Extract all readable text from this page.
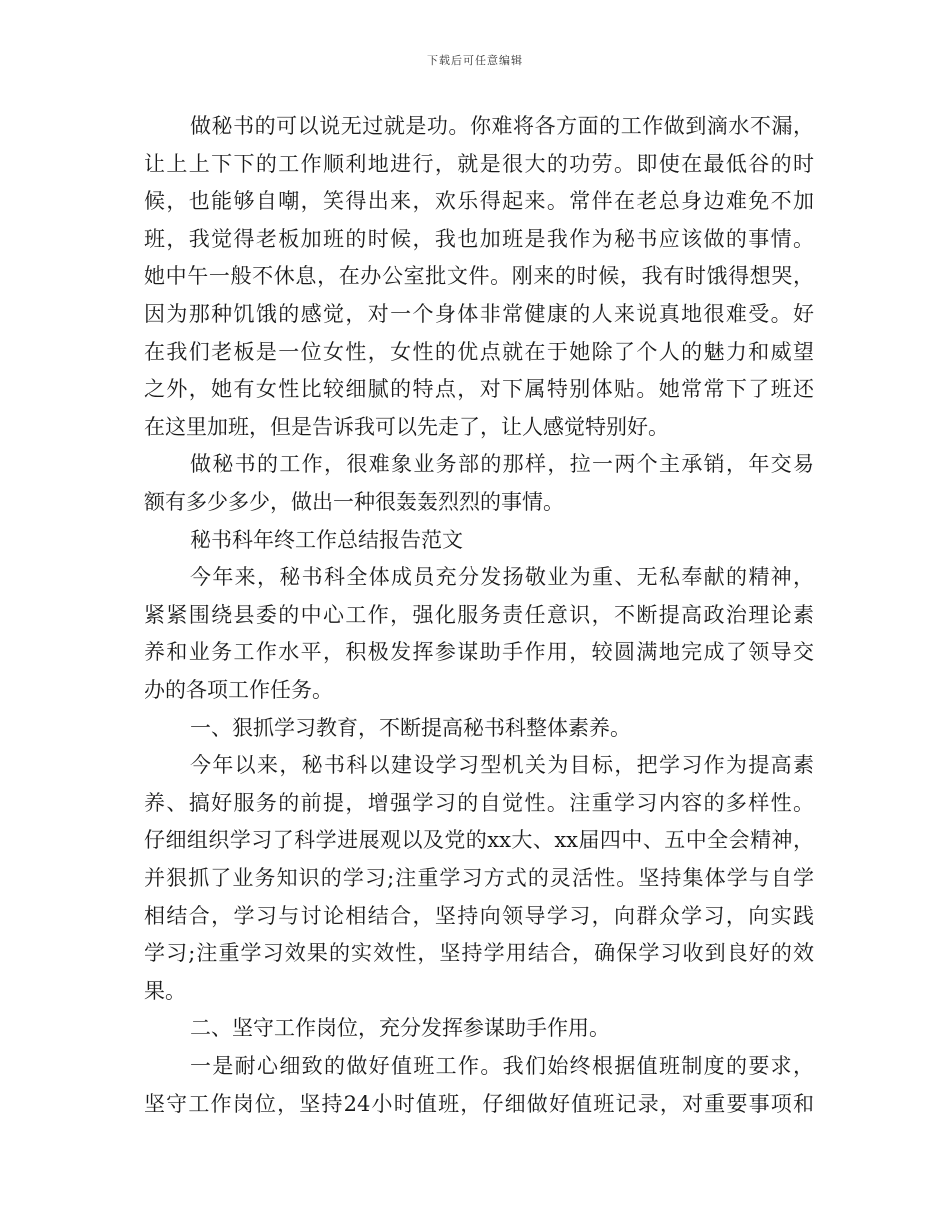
下载后可任意编辑
做秘书的可以说无过就是功。你难将各方面的工作做到滴水不漏，
让上上下下的工作顺利地进行，就是很大的功劳。即使在最低谷的时
候，也能够自嘲，笑得出来，欢乐得起来。常伴在老总身边难免不加
班，我觉得老板加班的时候，我也加班是我作为秘书应该做的事情。
她中午一般不休息，在办公室批文件。刚来的时候，我有时饿得想哭，
因为那种饥饿的感觉，对一个身体非常健康的人来说真地很难受。好
在我们老板是一位女性，女性的优点就在于她除了个人的魅力和威望
之外，她有女性比较细腻的特点，对下属特别体贴。她常常下了班还
在这里加班，但是告诉我可以先走了，让人感觉特别好。
做秘书的工作，很难象业务部的那样，拉一两个主承销，年交易
额有多少多少，做出一种很轰轰烈烈的事情。
秘书科年终工作总结报告范文
今年来，秘书科全体成员充分发扬敬业为重、无私奉献的精神，
紧紧围绕县委的中心工作，强化服务责任意识，不断提高政治理论素
养和业务工作水平，积极发挥参谋助手作用，较圆满地完成了领导交
办的各项工作任务。
一、狠抓学习教育，不断提高秘书科整体素养。
今年以来，秘书科以建设学习型机关为目标，把学习作为提高素
养、搞好服务的前提，增强学习的自觉性。注重学习内容的多样性。
仔细组织学习了科学进展观以及党的xx大、xx届四中、五中全会精神，
并狠抓了业务知识的学习;注重学习方式的灵活性。坚持集体学与自学
相结合，学习与讨论相结合，坚持向领导学习，向群众学习，向实践
学习;注重学习效果的实效性，坚持学用结合，确保学习收到良好的效
果。
二、坚守工作岗位，充分发挥参谋助手作用。
一是耐心细致的做好值班工作。我们始终根据值班制度的要求，
坚守工作岗位，坚持24小时值班，仔细做好值班记录，对重要事项和
